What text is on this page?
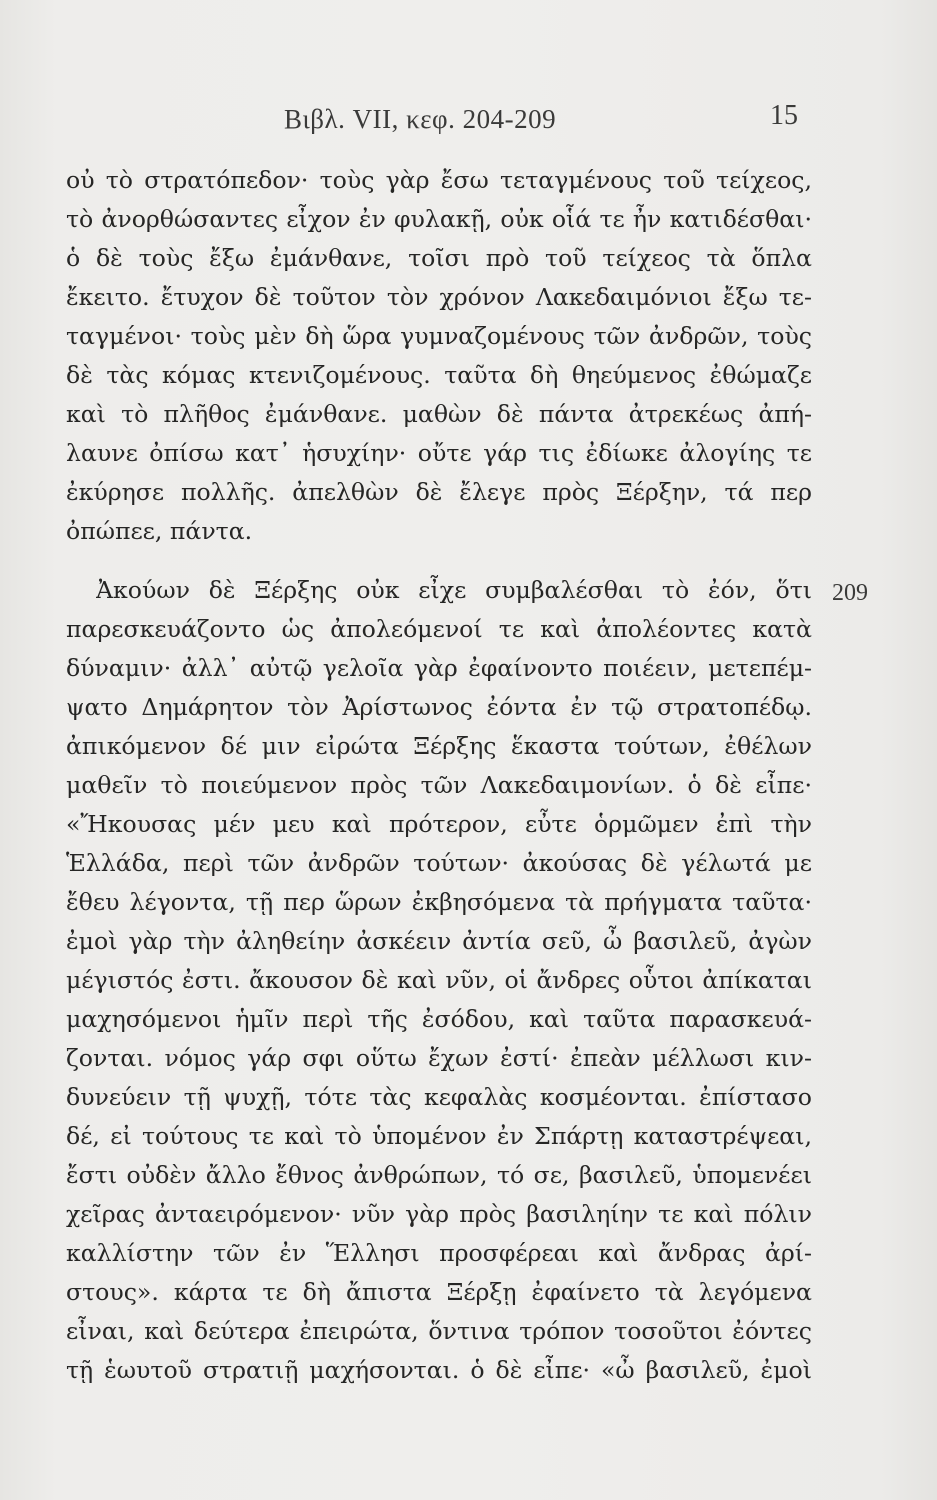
Βιβλ. VII, κεφ. 204-209	15
209
οὐ τὸ στρατόπεδον· τοὺς γὰρ ἔσω τεταγμένους τοῦ τείχεος,
τὸ ἀνορθώσαντες εἶχον ἐν φυλακῇ, οὐκ οἷά τε ἦν κατιδέσθαι·
ὁ δὲ τοὺς ἔξω ἐμάνθανε, τοῖσι πρὸ τοῦ τείχεος τὰ ὅπλα
ἔκειτο. ἔτυχον δὲ τοῦτον τὸν χρόνον Λακεδαιμόνιοι ἔξω τε-
ταγμένοι· τοὺς μὲν δὴ ὥρα γυμναζομένους τῶν ἀνδρῶν, τοὺς
δὲ τὰς κόμας κτενιζομένους. ταῦτα δὴ θηεύμενος ἐθώμαζε
καὶ τὸ πλῆθος ἐμάνθανε. μαθὼν δὲ πάντα ἀτρεκέως ἀπή-
λαυνε ὀπίσω κατ᾽ ἡσυχίην· οὔτε γάρ τις ἐδίωκε ἀλογίης τε
ἐκύρησε πολλῆς. ἀπελθὼν δὲ ἔλεγε πρὸς Ξέρξην, τά περ
ὀπώπεε, πάντα.
Ἀκούων δὲ Ξέρξης οὐκ εἶχε συμβαλέσθαι τὸ ἐόν, ὅτι
παρεσκευάζοντο ὡς ἀπολεόμενοί τε καὶ ἀπολέοντες κατὰ
δύναμιν· ἀλλ᾽ αὐτῷ γελοῖα γὰρ ἐφαίνοντο ποιέειν, μετεπέμ-
ψατο Δημάρητον τὸν Ἀρίστωνος ἐόντα ἐν τῷ στρατοπέδῳ.
ἀπικόμενον δέ μιν εἰρώτα Ξέρξης ἕκαστα τούτων, ἐθέλων
μαθεῖν τὸ ποιεύμενον πρὸς τῶν Λακεδαιμονίων. ὁ δὲ εἶπε·
«Ἤκουσας μέν μευ καὶ πρότερον, εὖτε ὁρμῶμεν ἐπὶ τὴν
Ἑλλάδα, περὶ τῶν ἀνδρῶν τούτων· ἀκούσας δὲ γέλωτά με
ἔθευ λέγοντα, τῇ περ ὥρων ἐκβησόμενα τὰ πρήγματα ταῦτα·
ἐμοὶ γὰρ τὴν ἀληθείην ἀσκέειν ἀντία σεῦ, ὦ βασιλεῦ, ἀγὼν
μέγιστός ἐστι. ἄκουσον δὲ καὶ νῦν, οἱ ἄνδρες οὗτοι ἀπίκαται
μαχησόμενοι ἡμῖν περὶ τῆς ἐσόδου, καὶ ταῦτα παρασκευά-
ζονται. νόμος γάρ σφι οὕτω ἔχων ἐστί· ἐπεὰν μέλλωσι κιν-
δυνεύειν τῇ ψυχῇ, τότε τὰς κεφαλὰς κοσμέονται. ἐπίστασο
δέ, εἰ τούτους τε καὶ τὸ ὑπομένον ἐν Σπάρτῃ καταστρέψεαι,
ἔστι οὐδὲν ἄλλο ἔθνος ἀνθρώπων, τό σε, βασιλεῦ, ὑπομενέει
χεῖρας ἀνταειρόμενον· νῦν γὰρ πρὸς βασιληίην τε καὶ πόλιν
καλλίστην τῶν ἐν Ἕλλησι προσφέρεαι καὶ ἄνδρας ἀρί-
στους». κάρτα τε δὴ ἄπιστα Ξέρξῃ ἐφαίνετο τὰ λεγόμενα
εἶναι, καὶ δεύτερα ἐπειρώτα, ὅντινα τρόπον τοσοῦτοι ἐόντες
τῇ ἑωυτοῦ στρατιῇ μαχήσονται. ὁ δὲ εἶπε· «ὦ βασιλεῦ, ἐμοὶ
